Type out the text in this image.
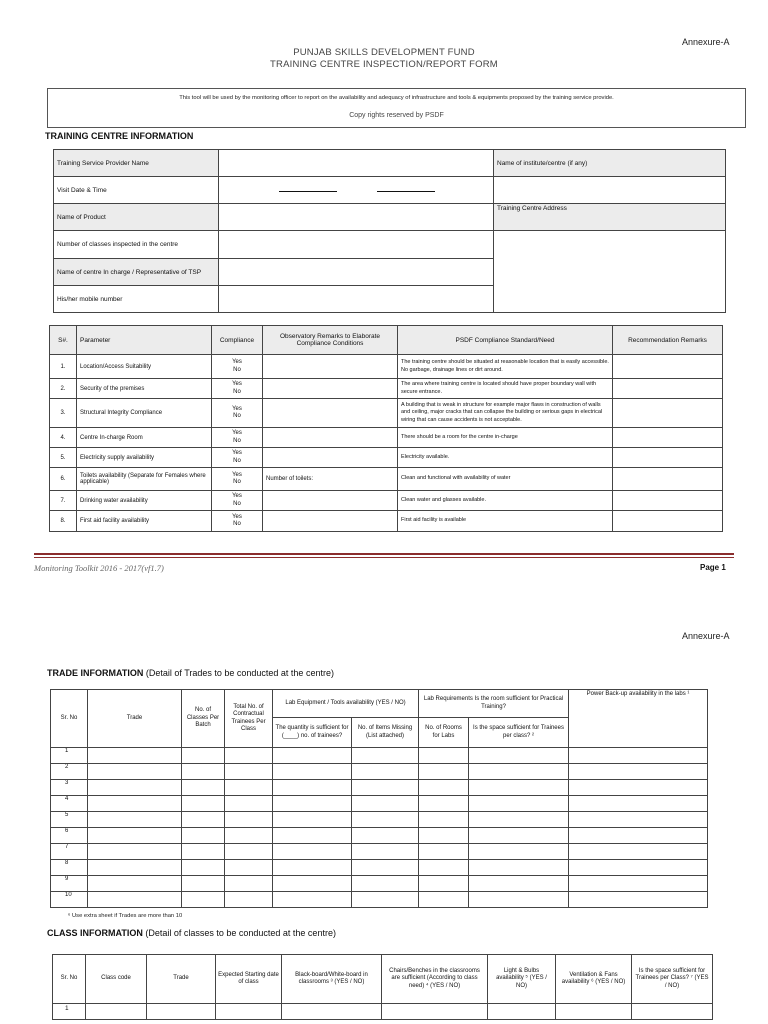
Annexure-A
PUNJAB SKILLS DEVELOPMENT FUND
TRAINING CENTRE INSPECTION/REPORT FORM
This tool will be used by the monitoring officer to report on the availability and adequacy of infrastructure and tools & equipments proposed by the training service provide.
Copy rights reserved by PSDF
TRAINING CENTRE INFORMATION
Training Service Provider Name		Name of institute/centre (if any)
Visit Date & Time		
Name of Product		Training Centre Address
Number of classes inspected in the centre		
Name of centre In charge / Representative of TSP		
His/her mobile number		
S#.	Parameter	Compliance	Observatory Remarks to Elaborate Compliance Conditions	PSDF Compliance Standard/Need	Recommendation Remarks
1.	Location/Access Suitability	Yes
No		The training centre should be situated at reasonable location that is easily accessible. No garbage, drainage lines or dirt around.	
2.	Security of the premises	Yes
No		The area where training centre is located should have proper boundary wall with secure entrance.	
3.	Structural Integrity Compliance	Yes
No		A building that is weak in structure for example major flaws in construction of walls and ceiling, major cracks that can collapse the building or serious gaps in electrical wiring that can cause accidents is not acceptable.	
4.	Centre In-charge Room	Yes
No		There should be a room for the centre in-charge	
5.	Electricity supply availability	Yes
No		Electricity available.	
6.	Toilets availability (Separate for Females where applicable)	Yes
No	Number of toilets:	Clean and functional with availability of water	
7.	Drinking water availability	Yes
No		Clean water and glasses available.	
8.	First aid facility availability	Yes
No		First aid facility is available	
Monitoring Toolkit 2016 - 2017(vf1.7)	Page 1
Annexure-A
TRADE INFORMATION (Detail of Trades to be conducted at the centre)
Sr. No	Trade	No. of Classes Per Batch	Total No. of Contractual Trainees Per Class	Lab Equipment / Tools availability (YES / NO)		Lab Requirements Is the room sufficient for Practical Training?		Power Back-up availability in the labs ¹
				The quantity is sufficient for (____) no. of trainees?	No. of Items Missing (List attached)	No. of Rooms for Labs	Is the space sufficient for Trainees per class? ²	
1								
2								
3								
4								
5								
6								
7								
8								
9								
10								
⁶ Use extra sheet if Trades are more than 10
CLASS INFORMATION (Detail of classes to be conducted at the centre)
Sr. No	Class code	Trade	Expected Starting date of class	Black-board/White-board in classrooms ³ (YES / NO)	Chairs/Benches in the classrooms are sufficient (According to class need) ⁴ (YES / NO)	Light & Bulbs availability ⁵ (YES / NO)	Ventilation & Fans availability ⁶ (YES / NO)	Is the space sufficient for Trainees per Class? ⁷ (YES / NO)
1								
